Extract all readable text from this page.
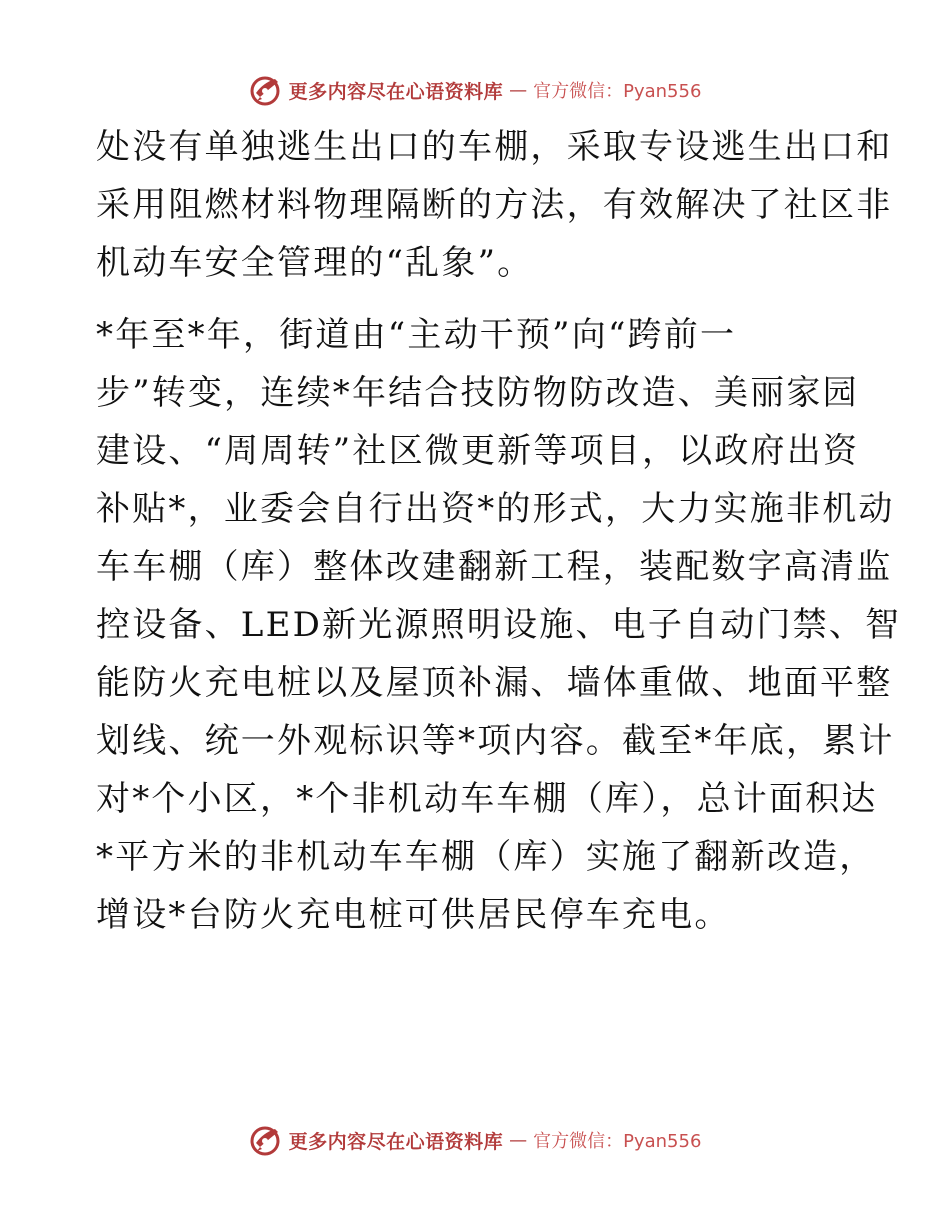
更多内容尽在心语资料库 — 官方微信：Pyan556
处没有单独逃生出口的车棚，采取专设逃生出口和
采用阻燃材料物理隔断的方法，有效解决了社区非
机动车安全管理的“乱象”。
*年至*年，街道由“主动干预”向“跨前一
步”转变，连续*年结合技防物防改造、美丽家园
建设、“周周转”社区微更新等项目，以政府出资
补贴*，业委会自行出资*的形式，大力实施非机动
车车棚（库）整体改建翻新工程，装配数字高清监
控设备、LED新光源照明设施、电子自动门禁、智
能防火充电桩以及屋顶补漏、墙体重做、地面平整
划线、统一外观标识等*项内容。截至*年底，累计
对*个小区，*个非机动车车棚（库），总计面积达
*平方米的非机动车车棚（库）实施了翻新改造，
增设*台防火充电桩可供居民停车充电。
更多内容尽在心语资料库 — 官方微信：Pyan556
